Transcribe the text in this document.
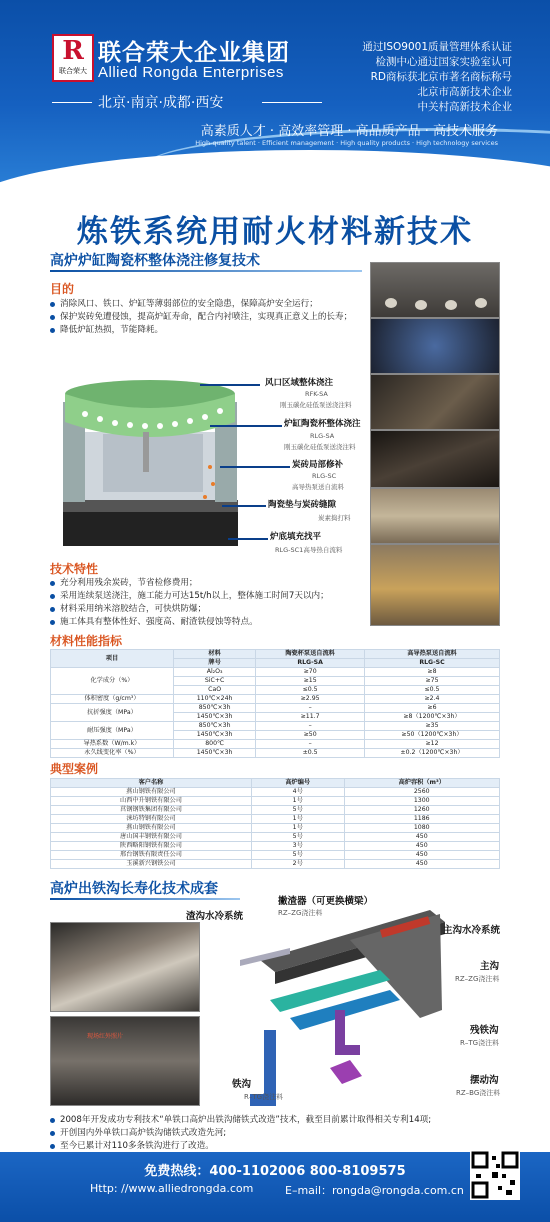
R
联合荣大
联合荣大企业集团
Allied Rongda Enterprises
北京·南京·成都·西安
通过ISO9001质量管理体系认证
检测中心通过国家实验室认可
RD商标获北京市著名商标称号
北京市高新技术企业
中关村高新技术企业
高素质人才 · 高效率管理 · 高品质产品 · 高技术服务
High-quality talent · Efficient management · High quality products · High technology services
炼铁系统用耐火材料新技术
高炉炉缸陶瓷杯整体浇注修复技术
目的
消除风口、铁口、炉缸等薄弱部位的安全隐患，保障高炉安全运行；
保护炭砖免遭侵蚀，提高炉缸寿命，配合内衬喷注，实现真正意义上的长寿；
降低炉缸热损，节能降耗。
风口区域整体浇注
RFK-SA
刚玉碳化硅低泵送浇注料
炉缸陶瓷杯整体浇注
RLG-SA
刚玉碳化硅低泵送浇注料
炭砖局部修补
RLG-SC
高导热泵送自流料
陶瓷垫与炭砖缝隙
炭素捣打料
炉底填充找平
RLG-SC1高导热自流料
技术特性
充分利用残余炭砖，节省检修费用；
采用连续泵送浇注，施工能力可达15t/h以上，整体施工时间7天以内；
材料采用纳米溶胶结合，可快烘防爆；
施工体具有整体性好、强度高、耐渣铁侵蚀等特点。
材料性能指标
项目	材料	陶瓷杯泵送自流料	高导热泵送自流料
	牌号	RLG-SA	RLG-SC
化学成分（%）	Al₂O₃	≥70	≥8
	SiC+C	≥15	≥75
	CaO	≤0.5	≤0.5
体积密度（g/cm³）	110℃×24h	≥2.95	≥2.4
抗折强度（MPa）	850℃×3h	–	≥6
	1450℃×3h	≥11.7	≥8（1200℃×3h）
耐压强度（MPa）	850℃×3h	–	≥35
	1450℃×3h	≥50	≥50（1200℃×3h）
导热系数（W/m.k）	800℃	–	≥12
永久线变化率（%）	1450℃×3h	±0.5	±0.2（1200℃×3h）
典型案例
客户名称	高炉编号	高炉容积（m³）
燕山钢铁有限公司	4号	2560
山西中升钢铁有限公司	1号	1300
莒钢钢铁集团有限公司	5号	1260
涞坊特钢有限公司	1号	1186
燕山钢铁有限公司	1号	1080
唐山国丰钢铁有限公司	5号	450
陕西略阳钢铁有限公司	3号	450
邢台钢铁有限责任公司	5号	450
玉溪新兴钢铁公司	2号	450
高炉出铁沟长寿化技术成套
现场红外照片
渣沟水冷系统
撇渣器（可更换横梁）
RZ–ZG浇注料
主沟水冷系统
主沟
RZ–ZG浇注料
残铁沟
R–TG浇注料
摆动沟
RZ–BG浇注料
铁沟
R–TG浇注料
2008年开发成功专利技术“单铁口高炉出铁沟储铁式改造”技术，截至目前累计取得相关专利14项;
开创国内外单铁口高炉铁沟储铁式改造先河;
至今已累计对110多条铁沟进行了改造。
免费热线：400-1102006 800-8109575
Http: //www.alliedrongda.com	E–mail：rongda@rongda.com.cn
